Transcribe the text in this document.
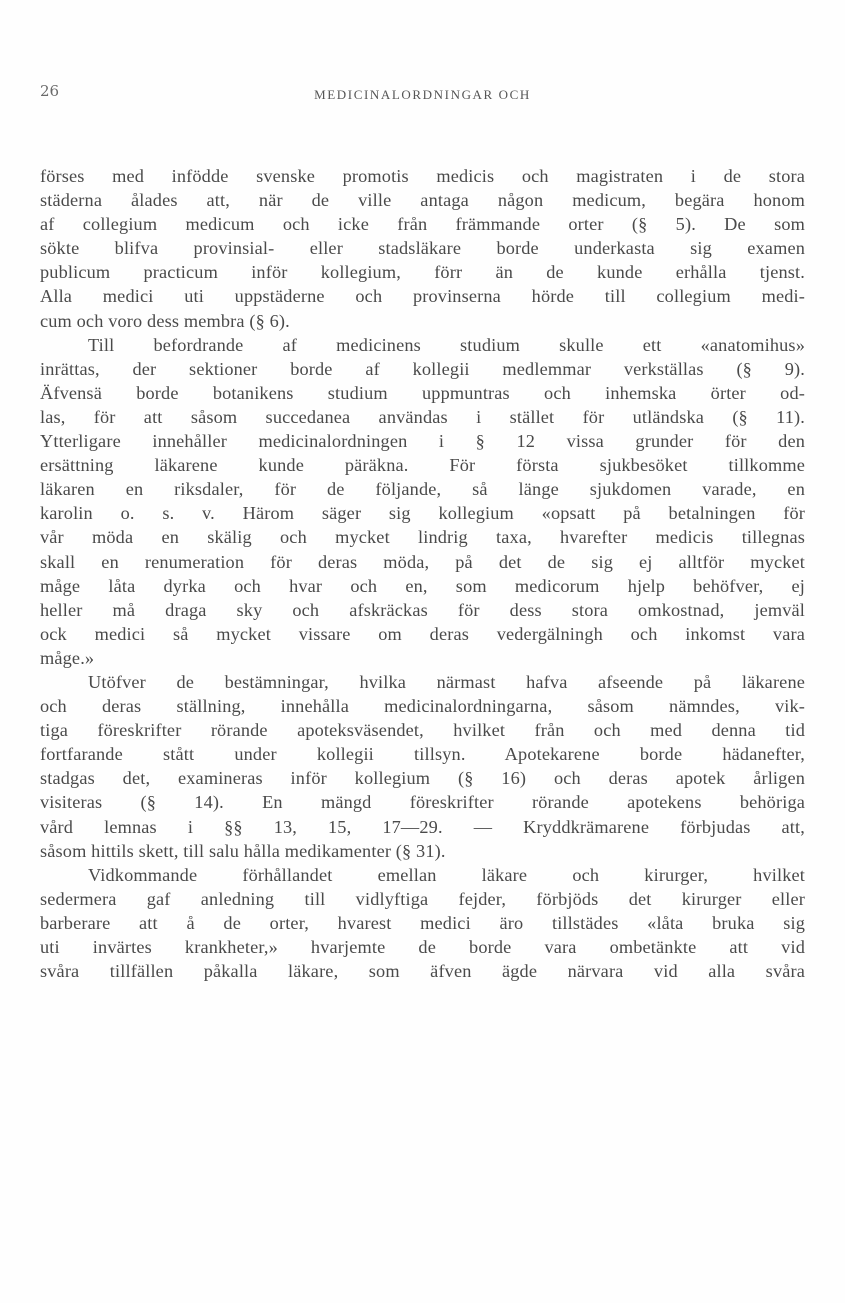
26	MEDICINALORDNINGAR OCH
förses med infödde svenske promotis medicis och magistraten i de stora
städerna ålades att, när de ville antaga någon medicum, begära honom
af collegium medicum och icke från främmande orter (§ 5). De som
sökte blifva provinsial- eller stadsläkare borde underkasta sig examen
publicum practicum inför kollegium, förr än de kunde erhålla tjenst.
Alla medici uti uppstäderne och provinserna hörde till collegium medi-
cum och voro dess membra (§ 6).
Till befordrande af medicinens studium skulle ett «anatomihus»
inrättas, der sektioner borde af kollegii medlemmar verkställas (§ 9).
Äfvensä borde botanikens studium uppmuntras och inhemska örter od-
las, för att såsom succedanea användas i stället för utländska (§ 11).
Ytterligare innehåller medicinalordningen i § 12 vissa grunder för den
ersättning läkarene kunde päräkna. För första sjukbesöket tillkomme
läkaren en riksdaler, för de följande, så länge sjukdomen varade, en
karolin o. s. v. Härom säger sig kollegium «opsatt på betalningen för
vår möda en skälig och mycket lindrig taxa, hvarefter medicis tillegnas
skall en renumeration för deras möda, på det de sig ej alltför mycket
måge låta dyrka och hvar och en, som medicorum hjelp behöfver, ej
heller må draga sky och afskräckas för dess stora omkostnad, jemväl
ock medici så mycket vissare om deras vedergälningh och inkomst vara
måge.»
Utöfver de bestämningar, hvilka närmast hafva afseende på läkarene
och deras ställning, innehålla medicinalordningarna, såsom nämndes, vik-
tiga föreskrifter rörande apoteksväsendet, hvilket från och med denna tid
fortfarande stått under kollegii tillsyn. Apotekarene borde hädanefter,
stadgas det, examineras inför kollegium (§ 16) och deras apotek årligen
visiteras (§ 14). En mängd föreskrifter rörande apotekens behöriga
vård lemnas i §§ 13, 15, 17—29. — Kryddkrämarene förbjudas att,
såsom hittils skett, till salu hålla medikamenter (§ 31).
Vidkommande förhållandet emellan läkare och kirurger, hvilket
sedermera gaf anledning till vidlyftiga fejder, förbjöds det kirurger eller
barberare att å de orter, hvarest medici äro tillstädes «låta bruka sig
uti invärtes krankheter,» hvarjemte de borde vara ombetänkte att vid
svåra tillfällen påkalla läkare, som äfven ägde närvara vid alla svåra
